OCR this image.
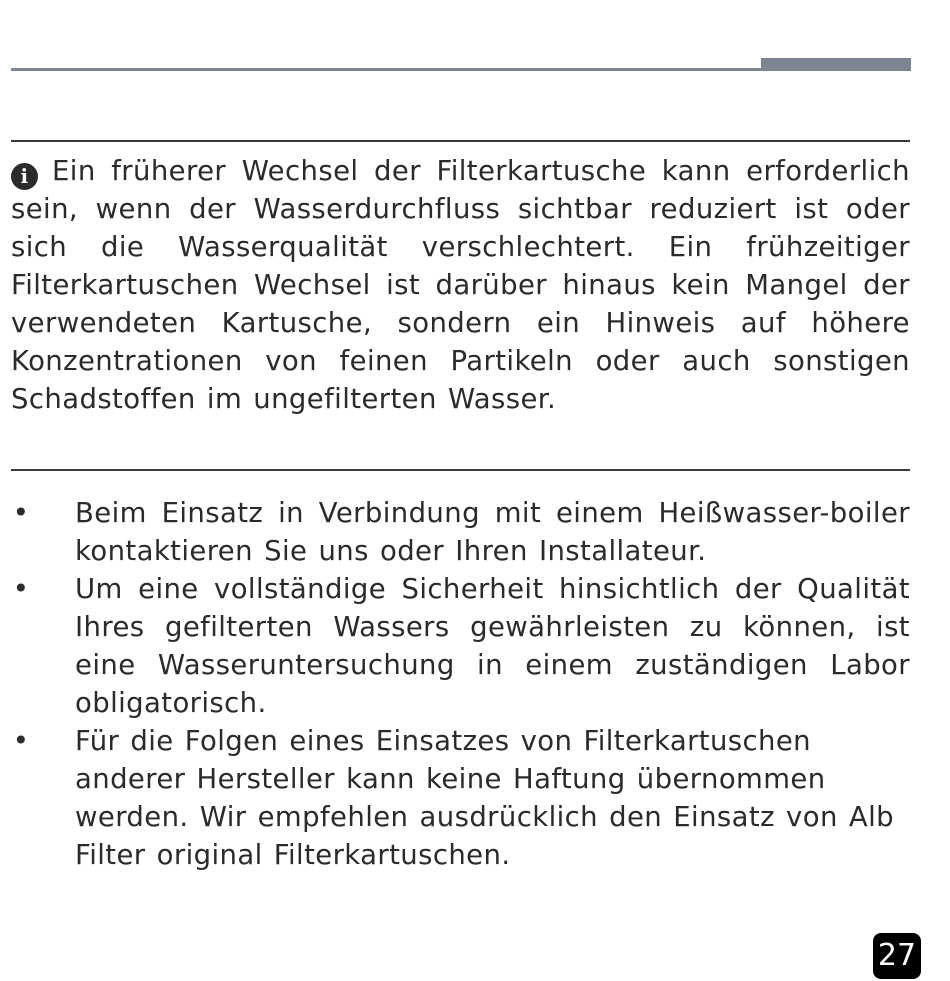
i Ein früherer Wechsel der Filterkartusche kann erforderlich sein, wenn der Wasserdurchfluss sichtbar reduziert ist oder sich die Wasserqualität verschlechtert. Ein frühzeitiger Filterkartuschen Wechsel ist darüber hinaus kein Mangel der verwendeten Kartusche, sondern ein Hinweis auf höhere Konzentrationen von feinen Partikeln oder auch sonstigen Schadstoffen im ungefilterten Wasser.

• Beim Einsatz in Verbindung mit einem Heißwasser-boiler kontaktieren Sie uns oder Ihren Installateur.
• Um eine vollständige Sicherheit hinsichtlich der Qualität Ihres gefilterten Wassers gewährleisten zu können, ist eine Wasseruntersuchung in einem zuständigen Labor obligatorisch.
• Für die Folgen eines Einsatzes von Filterkartuschen anderer Hersteller kann keine Haftung übernommen werden. Wir empfehlen ausdrücklich den Einsatz von Alb Filter original Filterkartuschen.
27
